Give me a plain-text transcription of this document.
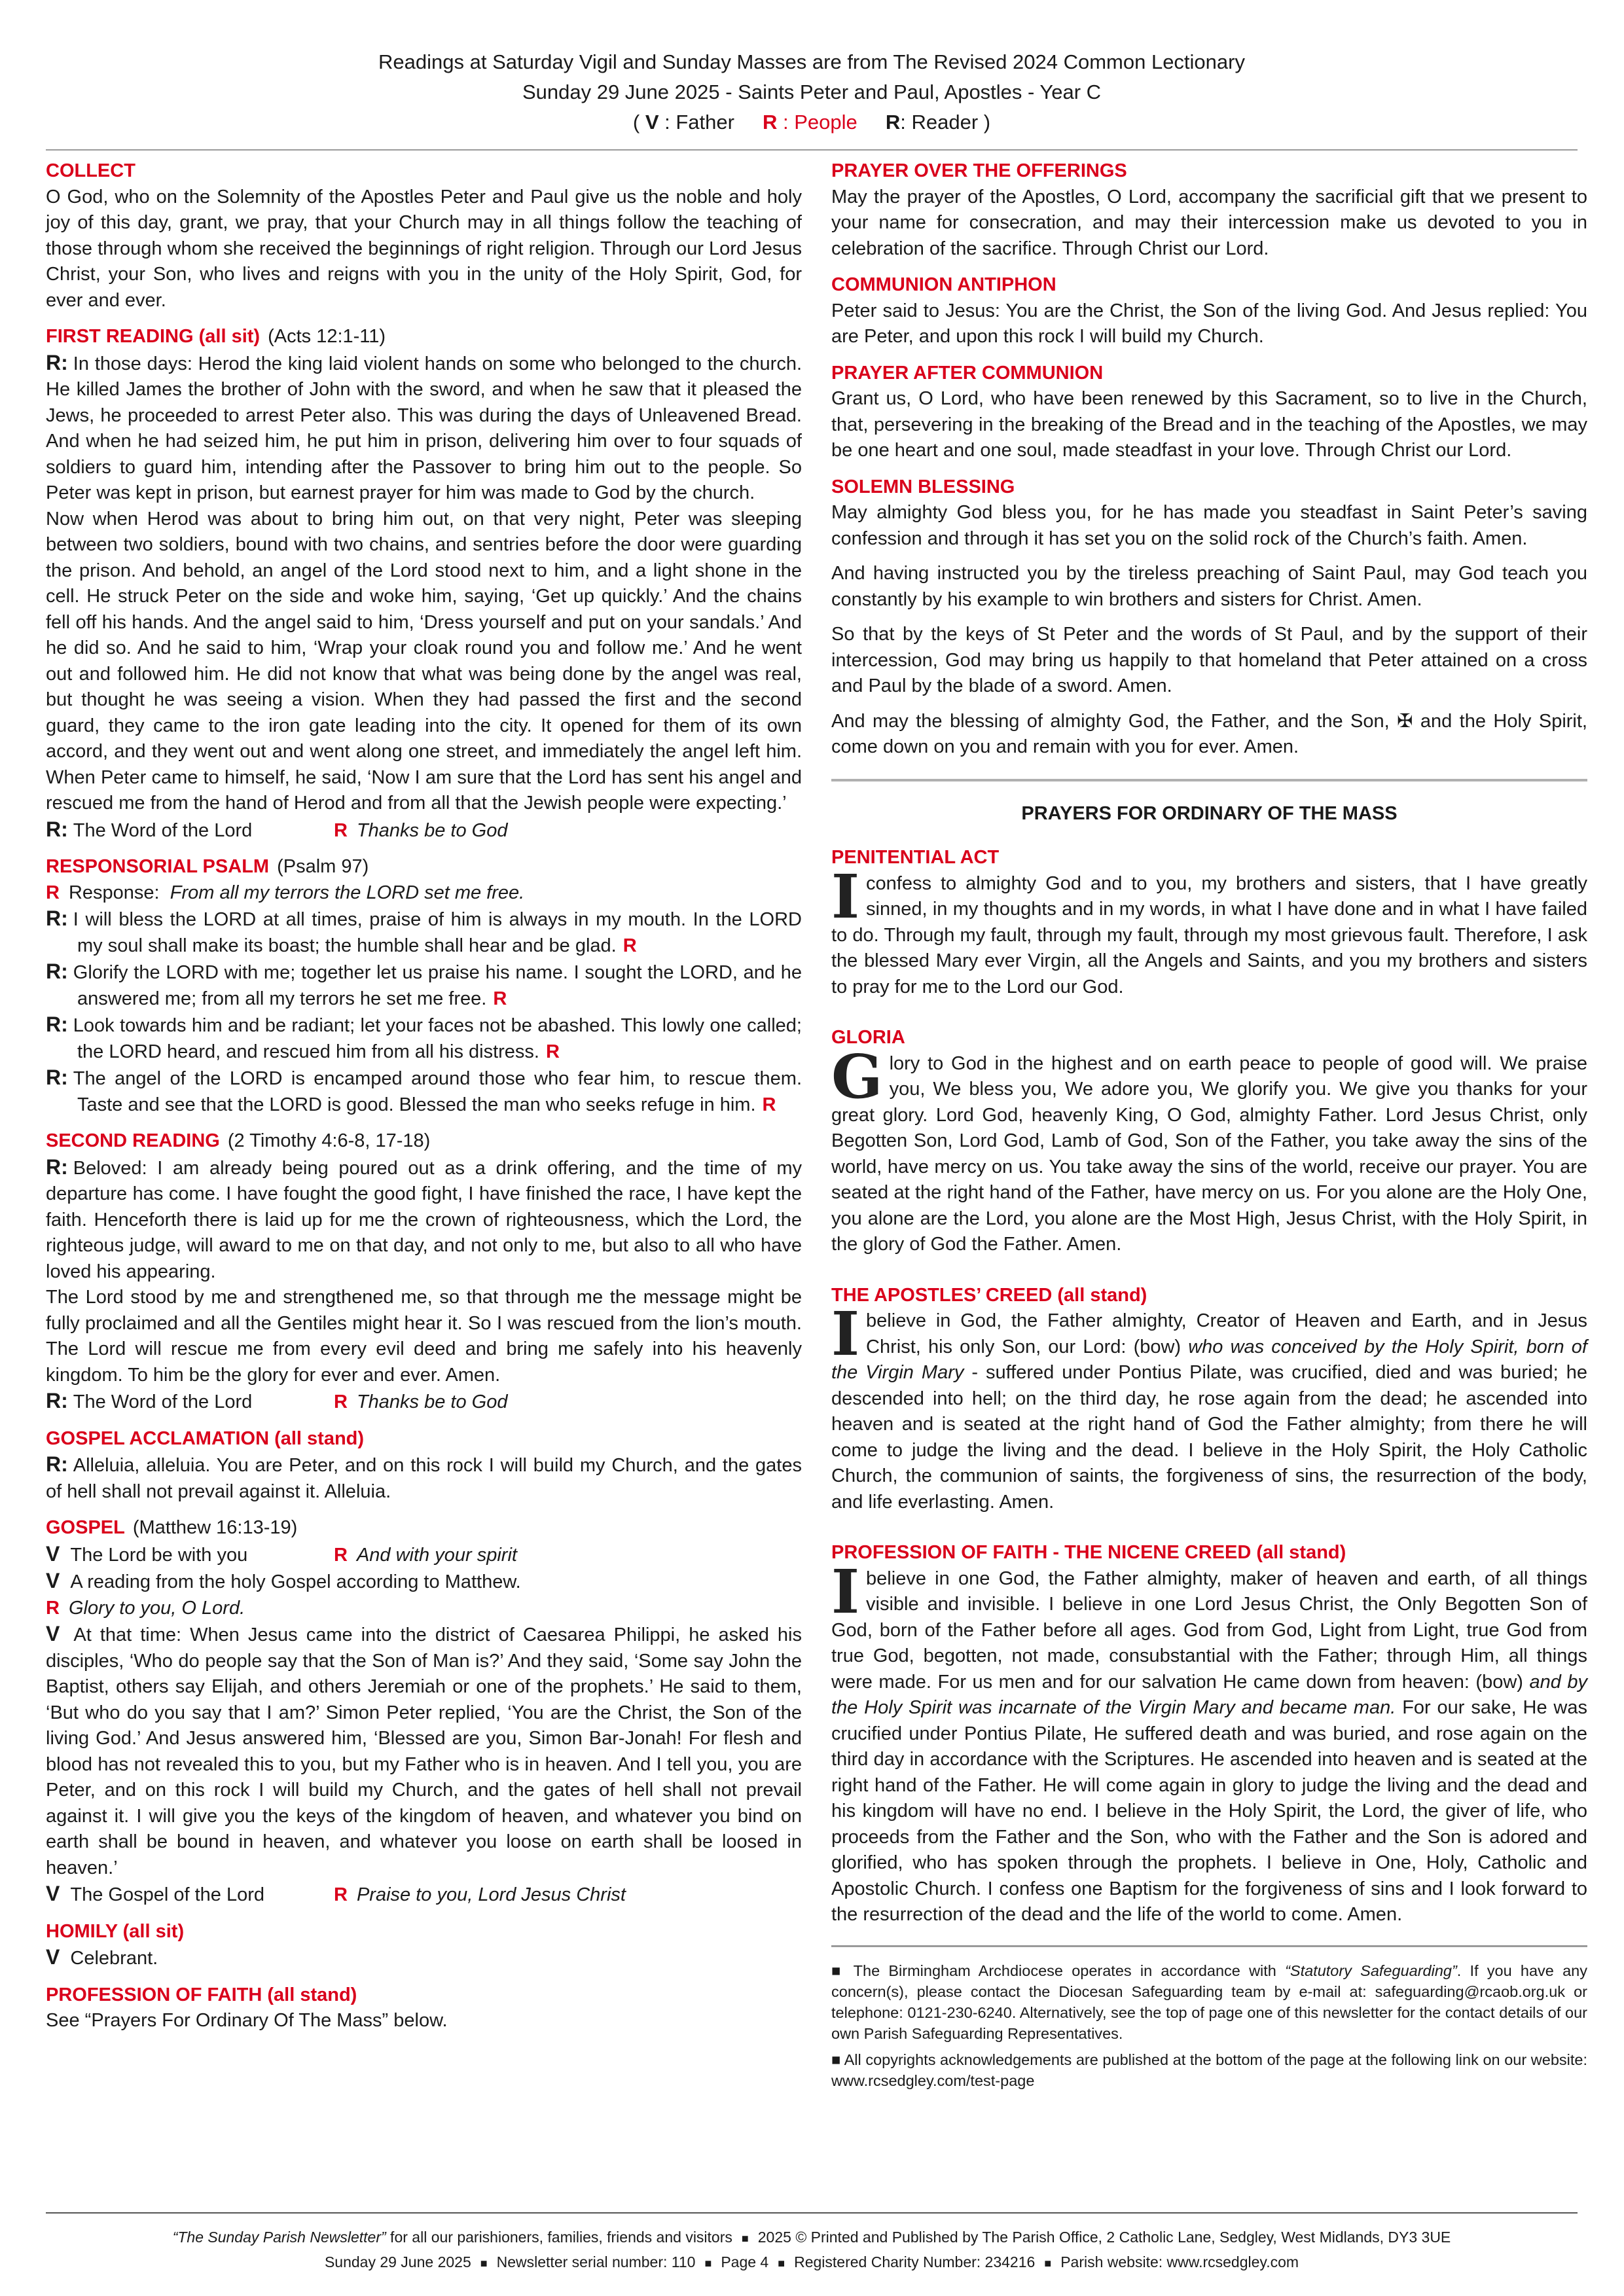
Readings at Saturday Vigil and Sunday Masses are from The Revised 2024 Common Lectionary
Sunday 29 June 2025 - Saints Peter and Paul, Apostles - Year C
( V : Father R : People R: Reader )
COLLECT

O God, who on the Solemnity of the Apostles Peter and Paul give us the noble and holy joy of this day, grant, we pray, that your Church may in all things follow the teaching of those through whom she received the beginnings of right religion. Through our Lord Jesus Christ, your Son, who lives and reigns with you in the unity of the Holy Spirit, God, for ever and ever.

FIRST READING (all sit) (Acts 12:1-11)

R: In those days: Herod the king laid violent hands on some who belonged to the church. He killed James the brother of John with the sword, and when he saw that it pleased the Jews, he proceeded to arrest Peter also. This was during the days of Unleavened Bread. And when he had seized him, he put him in prison, delivering him over to four squads of soldiers to guard him, intending after the Passover to bring him out to the people. So Peter was kept in prison, but earnest prayer for him was made to God by the church.

Now when Herod was about to bring him out, on that very night, Peter was sleeping between two soldiers, bound with two chains, and sentries before the door were guarding the prison. And behold, an angel of the Lord stood next to him, and a light shone in the cell. He struck Peter on the side and woke him, saying, ‘Get up quickly.’ And the chains fell off his hands. And the angel said to him, ‘Dress yourself and put on your sandals.’ And he did so. And he said to him, ‘Wrap your cloak round you and follow me.’ And he went out and followed him. He did not know that what was being done by the angel was real, but thought he was seeing a vision. When they had passed the first and the second guard, they came to the iron gate leading into the city. It opened for them of its own accord, and they went out and went along one street, and immediately the angel left him. When Peter came to himself, he said, ‘Now I am sure that the Lord has sent his angel and rescued me from the hand of Herod and from all that the Jewish people were expecting.’

R: The Word of the Lord	R Thanks be to God
RESPONSORIAL PSALM (Psalm 97)

R Response: From all my terrors the LORD set me free.

R: I will bless the LORD at all times, praise of him is always in my mouth. In the LORD my soul shall make its boast; the humble shall hear and be glad. R

R: Glorify the LORD with me; together let us praise his name. I sought the LORD, and he answered me; from all my terrors he set me free. R

R: Look towards him and be radiant; let your faces not be abashed. This lowly one called; the LORD heard, and rescued him from all his distress. R

R: The angel of the LORD is encamped around those who fear him, to rescue them. Taste and see that the LORD is good. Blessed the man who seeks refuge in him. R

SECOND READING (2 Timothy 4:6-8, 17-18)

R: Beloved: I am already being poured out as a drink offering, and the time of my departure has come. I have fought the good fight, I have finished the race, I have kept the faith. Henceforth there is laid up for me the crown of righteousness, which the Lord, the righteous judge, will award to me on that day, and not only to me, but also to all who have loved his appearing.

The Lord stood by me and strengthened me, so that through me the message might be fully proclaimed and all the Gentiles might hear it. So I was rescued from the lion’s mouth. The Lord will rescue me from every evil deed and bring me safely into his heavenly kingdom. To him be the glory for ever and ever. Amen.

R: The Word of the Lord	R Thanks be to God
GOSPEL ACCLAMATION (all stand)

R: Alleluia, alleluia. You are Peter, and on this rock I will build my Church, and the gates of hell shall not prevail against it. Alleluia.

GOSPEL (Matthew 16:13-19)
V The Lord be with you	R And with your spirit

V A reading from the holy Gospel according to Matthew.

R Glory to you, O Lord.

V At that time: When Jesus came into the district of Caesarea Philippi, he asked his disciples, ‘Who do people say that the Son of Man is?’ And they said, ‘Some say John the Baptist, others say Elijah, and others Jeremiah or one of the prophets.’ He said to them, ‘But who do you say that I am?’ Simon Peter replied, ‘You are the Christ, the Son of the living God.’ And Jesus answered him, ‘Blessed are you, Simon Bar-Jonah! For flesh and blood has not revealed this to you, but my Father who is in heaven. And I tell you, you are Peter, and on this rock I will build my Church, and the gates of hell shall not prevail against it. I will give you the keys of the kingdom of heaven, and whatever you bind on earth shall be bound in heaven, and whatever you loose on earth shall be loosed in heaven.’

V The Gospel of the Lord	R Praise to you, Lord Jesus Christ
HOMILY (all sit)

V Celebrant.

PROFESSION OF FAITH (all stand)

See “Prayers For Ordinary Of The Mass” below.

PRAYER OVER THE OFFERINGS

May the prayer of the Apostles, O Lord, accompany the sacrificial gift that we present to your name for consecration, and may their intercession make us devoted to you in celebration of the sacrifice. Through Christ our Lord.

COMMUNION ANTIPHON

Peter said to Jesus: You are the Christ, the Son of the living God. And Jesus replied: You are Peter, and upon this rock I will build my Church.

PRAYER AFTER COMMUNION

Grant us, O Lord, who have been renewed by this Sacrament, so to live in the Church, that, persevering in the breaking of the Bread and in the teaching of the Apostles, we may be one heart and one soul, made steadfast in your love. Through Christ our Lord.

SOLEMN BLESSING

May almighty God bless you, for he has made you steadfast in Saint Peter’s saving confession and through it has set you on the solid rock of the Church’s faith. Amen.

And having instructed you by the tireless preaching of Saint Paul, may God teach you constantly by his example to win brothers and sisters for Christ. Amen.

So that by the keys of St Peter and the words of St Paul, and by the support of their intercession, God may bring us happily to that homeland that Peter attained on a cross and Paul by the blade of a sword. Amen.

And may the blessing of almighty God, the Father, and the Son, ✠ and the Holy Spirit, come down on you and remain with you for ever. Amen.

PRAYERS FOR ORDINARY OF THE MASS
PENITENTIAL ACT

Iconfess to almighty God and to you, my brothers and sisters, that I have greatly sinned, in my thoughts and in my words, in what I have done and in what I have failed to do. Through my fault, through my fault, through my most grievous fault. Therefore, I ask the blessed Mary ever Virgin, all the Angels and Saints, and you my brothers and sisters to pray for me to the Lord our God.

GLORIA

Glory to God in the highest and on earth peace to people of good will. We praise you, We bless you, We adore you, We glorify you. We give you thanks for your great glory. Lord God, heavenly King, O God, almighty Father. Lord Jesus Christ, only Begotten Son, Lord God, Lamb of God, Son of the Father, you take away the sins of the world, have mercy on us. You take away the sins of the world, receive our prayer. You are seated at the right hand of the Father, have mercy on us. For you alone are the Holy One, you alone are the Lord, you alone are the Most High, Jesus Christ, with the Holy Spirit, in the glory of God the Father. Amen.

THE APOSTLES’ CREED (all stand)

Ibelieve in God, the Father almighty, Creator of Heaven and Earth, and in Jesus Christ, his only Son, our Lord: (bow) who was conceived by the Holy Spirit, born of the Virgin Mary - suffered under Pontius Pilate, was crucified, died and was buried; he descended into hell; on the third day, he rose again from the dead; he ascended into heaven and is seated at the right hand of God the Father almighty; from there he will come to judge the living and the dead. I believe in the Holy Spirit, the Holy Catholic Church, the communion of saints, the forgiveness of sins, the resurrection of the body, and life everlasting. Amen.

PROFESSION OF FAITH - THE NICENE CREED (all stand)

Ibelieve in one God, the Father almighty, maker of heaven and earth, of all things visible and invisible. I believe in one Lord Jesus Christ, the Only Begotten Son of God, born of the Father before all ages. God from God, Light from Light, true God from true God, begotten, not made, consubstantial with the Father; through Him, all things were made. For us men and for our salvation He came down from heaven: (bow) and by the Holy Spirit was incarnate of the Virgin Mary and became man. For our sake, He was crucified under Pontius Pilate, He suffered death and was buried, and rose again on the third day in accordance with the Scriptures. He ascended into heaven and is seated at the right hand of the Father. He will come again in glory to judge the living and the dead and his kingdom will have no end. I believe in the Holy Spirit, the Lord, the giver of life, who proceeds from the Father and the Son, who with the Father and the Son is adored and glorified, who has spoken through the prophets. I believe in One, Holy, Catholic and Apostolic Church. I confess one Baptism for the forgiveness of sins and I look forward to the resurrection of the dead and the life of the world to come. Amen.

■ The Birmingham Archdiocese operates in accordance with “Statutory Safeguarding”. If you have any concern(s), please contact the Diocesan Safeguarding team by e-mail at: safeguarding@rcaob.org.uk or telephone: 0121-230-6240. Alternatively, see the top of page one of this newsletter for the contact details of our own Parish Safeguarding Representatives.

■ All copyrights acknowledgements are published at the bottom of the page at the following link on our website: www.rcsedgley.com/test-page

“The Sunday Parish Newsletter” for all our parishioners, families, friends and visitors ■ 2025 © Printed and Published by The Parish Office, 2 Catholic Lane, Sedgley, West Midlands, DY3 3UE
Sunday 29 June 2025 ■ Newsletter serial number: 110 ■ Page 4 ■ Registered Charity Number: 234216 ■ Parish website: www.rcsedgley.com
